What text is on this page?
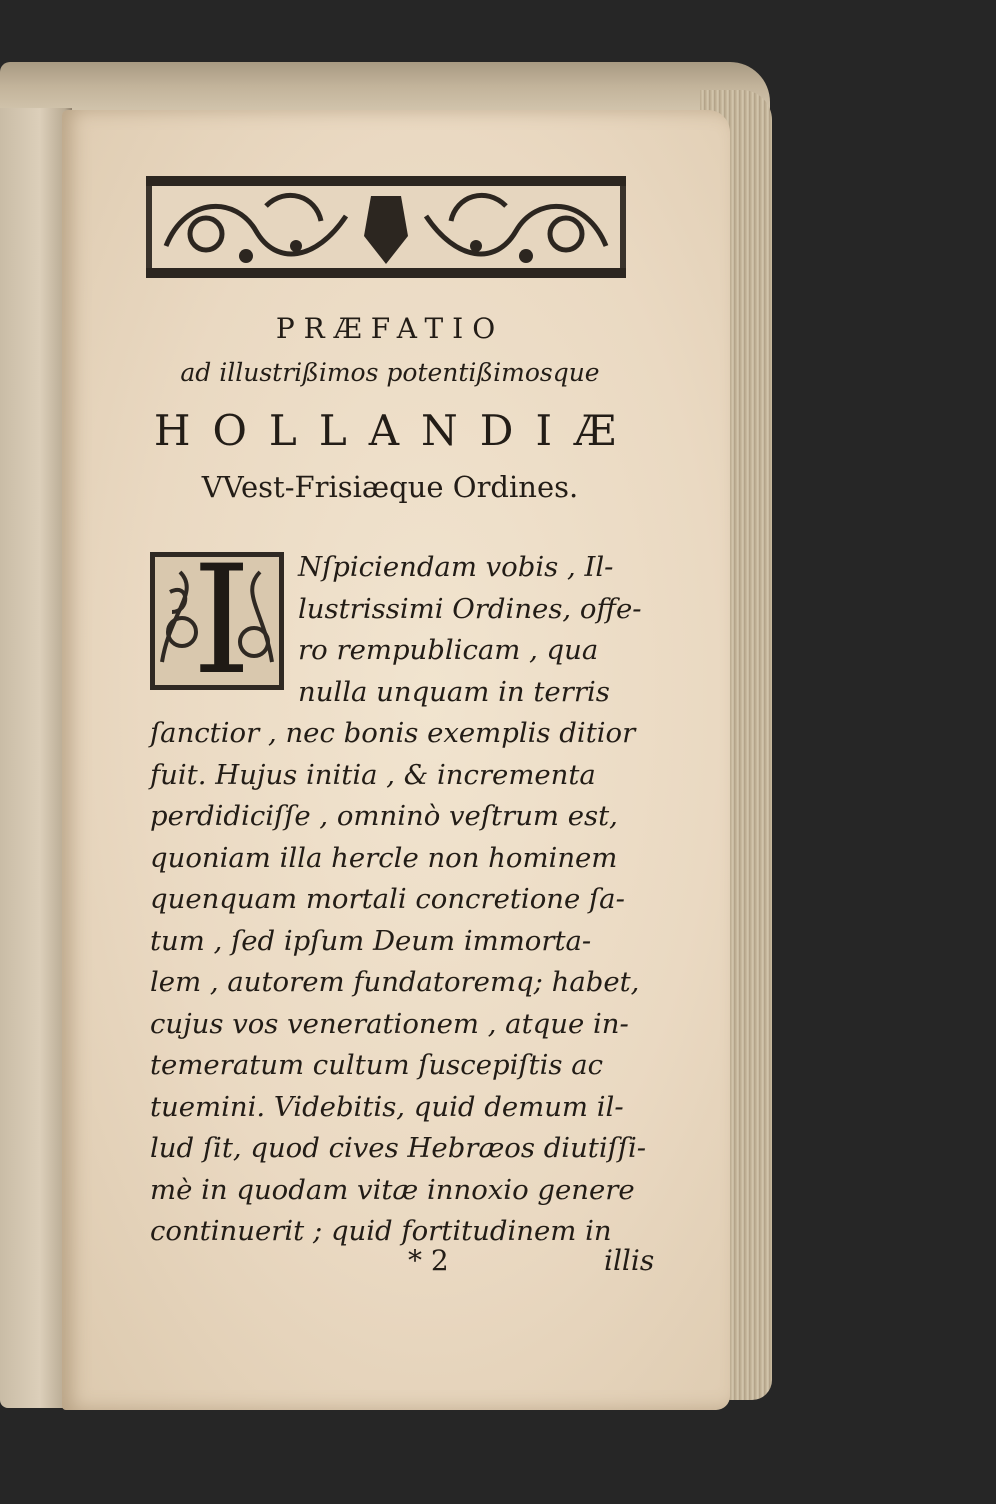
PRÆFATIO
ad illustrißimos potentißimosque
HOLLANDIÆ
VVest-Frisiæque Ordines.
I Nſpiciendam vobis , Il-
lustrissimi Ordines, offe-
ro rempublicam , qua
nulla unquam in terris
ſanctior , nec bonis exemplis ditior
fuit. Hujus initia , & incrementa
perdidiciſſe , omninò veſtrum est,
quoniam illa hercle non hominem
quenquam mortali concretione ſa-
tum , ſed ipſum Deum immorta-
lem , autorem fundatoremq; habet,
cujus vos venerationem , atque in-
temeratum cultum ſuscepiſtis ac
tuemini. Videbitis, quid demum il-
lud ſit, quod cives Hebræos diutiſſi-
mè in quodam vitæ innoxio genere
continuerit ; quid fortitudinem in
* 2	illis
